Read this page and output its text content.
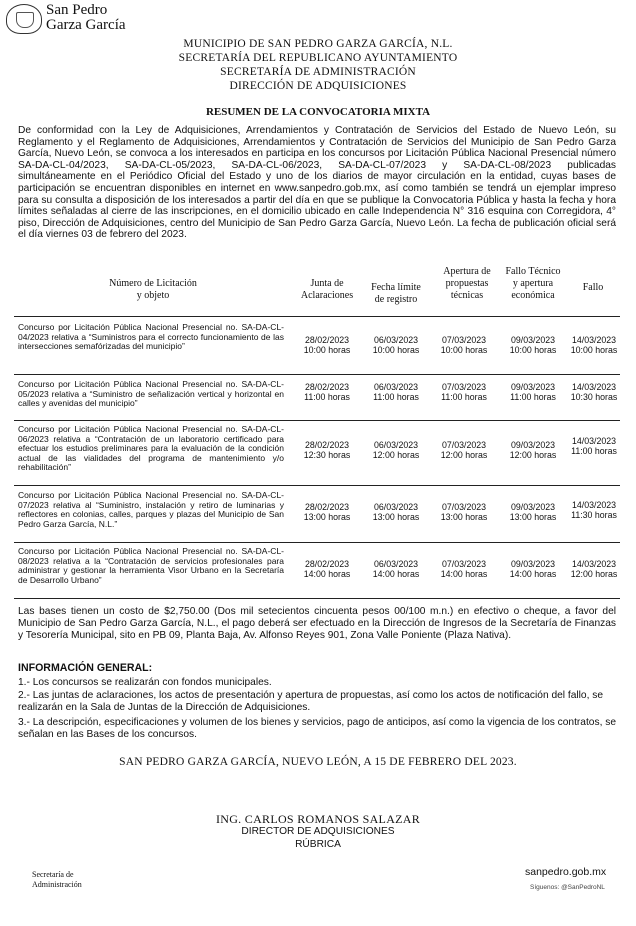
San Pedro
Garza García
MUNICIPIO DE SAN PEDRO GARZA GARCÍA, N.L.
SECRETARÍA DEL REPUBLICANO AYUNTAMIENTO
SECRETARÍA DE ADMINISTRACIÓN
DIRECCIÓN DE ADQUISICIONES
RESUMEN DE LA CONVOCATORIA MIXTA
De conformidad con la Ley de Adquisiciones, Arrendamientos y Contratación de Servicios del Estado de Nuevo León, su Reglamento y el Reglamento de Adquisiciones, Arrendamientos y Contratación de Servicios del Municipio de San Pedro Garza García, Nuevo León, se convoca a los interesados en participa en los concursos por Licitación Pública Nacional Presencial número SA-DA-CL-04/2023, SA-DA-CL-05/2023, SA-DA-CL-06/2023, SA-DA-CL-07/2023 y SA-DA-CL-08/2023 publicadas simultáneamente en el Periódico Oficial del Estado y uno de los diarios de mayor circulación en la entidad, cuyas bases de participación se encuentran disponibles en internet en www.sanpedro.gob.mx, así como también se tendrá un ejemplar impreso para su consulta a disposición de los interesados a partir del día en que se publique la Convocatoria Pública y hasta la fecha y hora límites señaladas al cierre de las inscripciones, en el domicilio ubicado en calle Independencia N° 316 esquina con Corregidora, 4° piso, Dirección de Adquisiciones, centro del Municipio de San Pedro Garza García, Nuevo León. La fecha de publicación oficial será el día viernes 03 de febrero del 2023.
Número de Licitación
y objeto
Junta de
Aclaraciones
Fecha límite
de registro
Apertura de
propuestas
técnicas
Fallo Técnico
y apertura
económica
Fallo
Concurso por Licitación Pública Nacional Presencial no. SA-DA-CL-04/2023 relativa a “Suministros para el correcto funcionamiento de las intersecciones semafórizadas del municipio”
28/02/2023
10:00 horas
06/03/2023
10:00 horas
07/03/2023
10:00 horas
09/03/2023
10:00 horas
14/03/2023
10:00 horas
Concurso por Licitación Pública Nacional Presencial no. SA-DA-CL-05/2023 relativa a “Suministro de señalización vertical y horizontal en calles y avenidas del municipio”
28/02/2023
11:00 horas
06/03/2023
11:00 horas
07/03/2023
11:00 horas
09/03/2023
11:00 horas
14/03/2023
10:30 horas
Concurso por Licitación Pública Nacional Presencial no. SA-DA-CL-06/2023 relativa a “Contratación de un laboratorio certificado para efectuar los estudios preliminares para la evaluación de la condición actual de las vialidades del programa de mantenimiento y/o rehabilitación”
28/02/2023
12:30 horas
06/03/2023
12:00 horas
07/03/2023
12:00 horas
09/03/2023
12:00 horas
14/03/2023
11:00 horas
Concurso por Licitación Pública Nacional Presencial no. SA-DA-CL-07/2023 relativa al “Suministro, instalación y retiro de luminarias y reflectores en colonias, calles, parques y plazas del Municipio de San Pedro Garza García, N.L.”
28/02/2023
13:00 horas
06/03/2023
13:00 horas
07/03/2023
13:00 horas
09/03/2023
13:00 horas
14/03/2023
11:30 horas
Concurso por Licitación Pública Nacional Presencial no. SA-DA-CL-08/2023 relativa a la “Contratación de servicios profesionales para administrar y gestionar la herramienta Visor Urbano en la Secretaría de Desarrollo Urbano”
28/02/2023
14:00 horas
06/03/2023
14:00 horas
07/03/2023
14:00 horas
09/03/2023
14:00 horas
14/03/2023
12:00 horas
Las bases tienen un costo de $2,750.00 (Dos mil setecientos cincuenta pesos 00/100 m.n.) en efectivo o cheque, a favor del Municipio de San Pedro Garza García, N.L., el pago deberá ser efectuado en la Dirección de Ingresos de la Secretaría de Finanzas y Tesorería Municipal, sito en PB 09, Planta Baja, Av. Alfonso Reyes 901, Zona Valle Poniente (Plaza Nativa).
INFORMACIÓN GENERAL:
1.- Los concursos se realizarán con fondos municipales.
2.- Las juntas de aclaraciones, los actos de presentación y apertura de propuestas, así como los actos de notificación del fallo, se realizarán en la Sala de Juntas de la Dirección de Adquisiciones.
3.- La descripción, especificaciones y volumen de los bienes y servicios, pago de anticipos, así como la vigencia de los contratos, se señalan en las Bases de los concursos.
SAN PEDRO GARZA GARCÍA, NUEVO LEÓN, A 15 DE FEBRERO DEL 2023.
ING. CARLOS ROMANOS SALAZAR
DIRECTOR DE ADQUISICIONES
RÚBRICA
Secretaría de
Administración
sanpedro.gob.mx
Síguenos: @SanPedroNL
